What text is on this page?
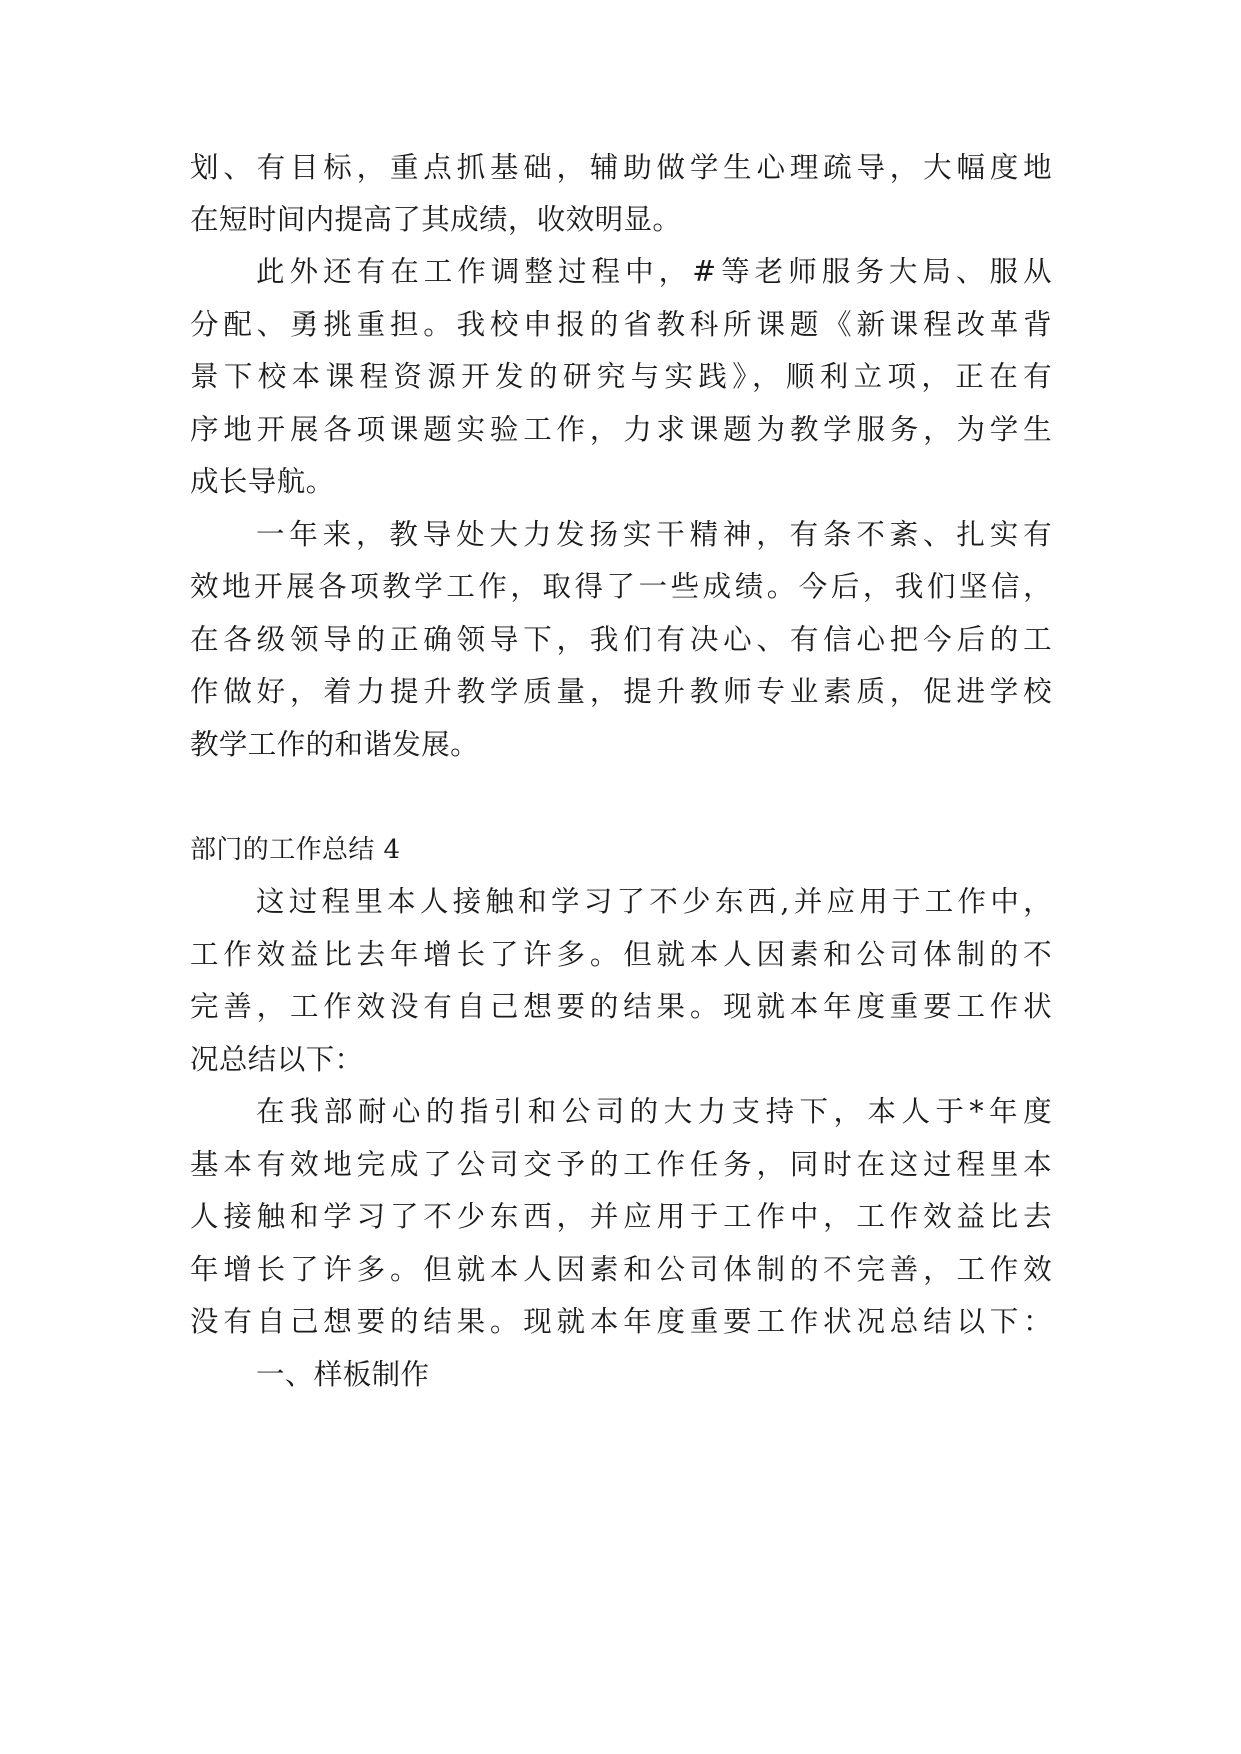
划、有目标，重点抓基础，辅助做学生心理疏导，大幅度地
在短时间内提高了其成绩，收效明显。
此外还有在工作调整过程中，#等老师服务大局、服从
分配、勇挑重担。我校申报的省教科所课题《新课程改革背
景下校本课程资源开发的研究与实践》，顺利立项，正在有
序地开展各项课题实验工作，力求课题为教学服务，为学生
成长导航。
一年来，教导处大力发扬实干精神，有条不紊、扎实有
效地开展各项教学工作，取得了一些成绩。今后，我们坚信，
在各级领导的正确领导下，我们有决心、有信心把今后的工
作做好，着力提升教学质量，提升教师专业素质，促进学校
教学工作的和谐发展。
部门的工作总结 4
这过程里本人接触和学习了不少东西,并应用于工作中，
工作效益比去年增长了许多。但就本人因素和公司体制的不
完善，工作效没有自己想要的结果。现就本年度重要工作状
况总结以下：
在我部耐心的指引和公司的大力支持下，本人于*年度
基本有效地完成了公司交予的工作任务，同时在这过程里本
人接触和学习了不少东西，并应用于工作中，工作效益比去
年增长了许多。但就本人因素和公司体制的不完善，工作效
没有自己想要的结果。现就本年度重要工作状况总结以下：
一、样板制作
